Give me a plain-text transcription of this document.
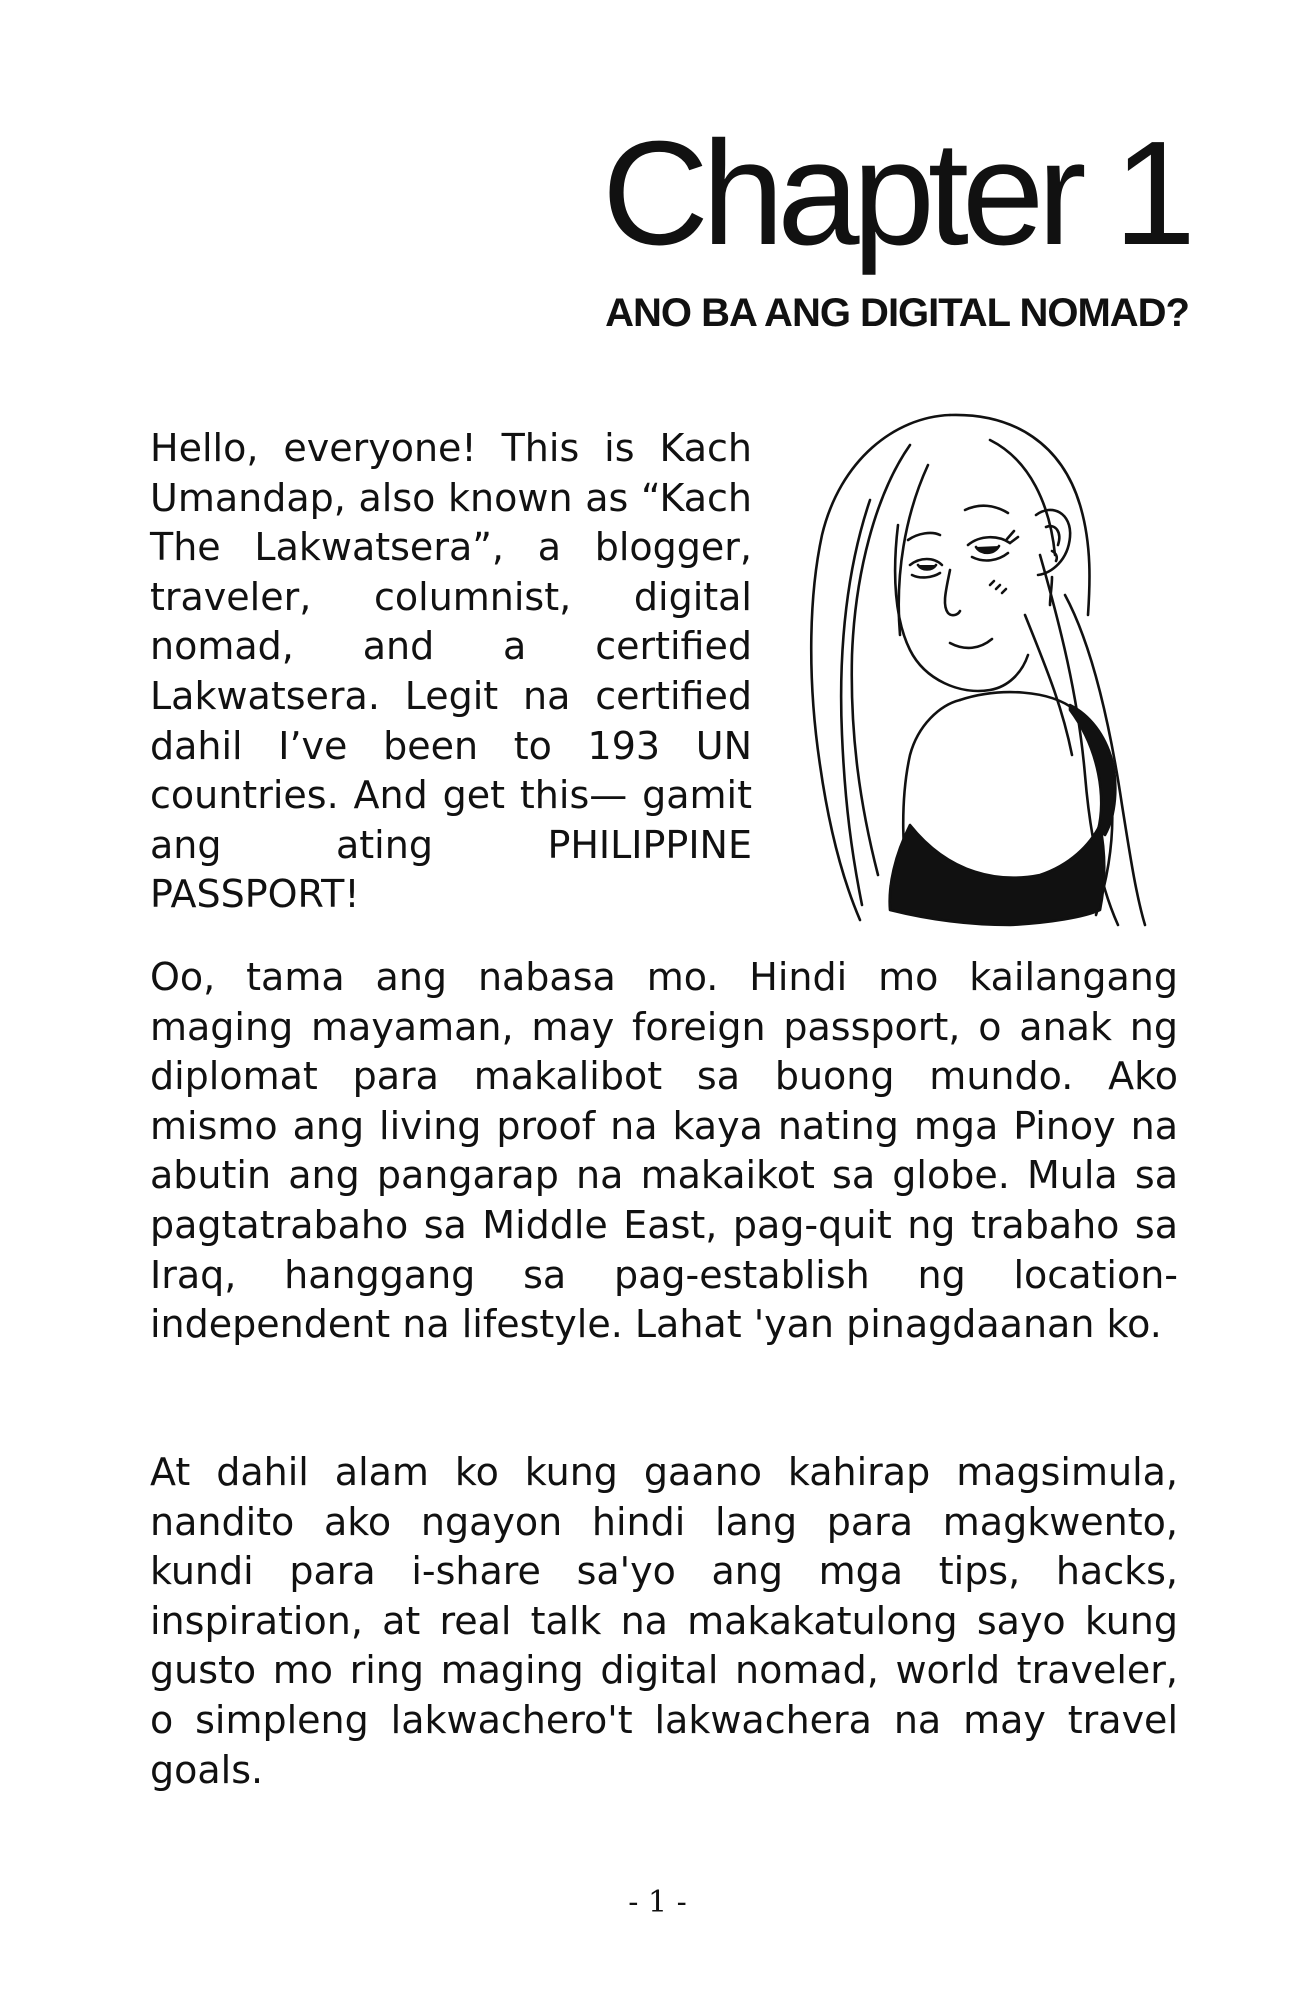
Chapter 1
ANO BA ANG DIGITAL NOMAD?

Hello, everyone! This is Kach Umandap, also known as “Kach The Lakwatsera”, a blogger, traveler, columnist, digital nomad, and a certified Lakwatsera. Legit na certified dahil I’ve been to 193 UN countries. And get this— gamit ang ating PHILIPPINE PASSPORT!

Oo, tama ang nabasa mo. Hindi mo kailangang maging mayaman, may foreign passport, o anak ng diplomat para makalibot sa buong mundo. Ako mismo ang living proof na kaya nating mga Pinoy na abutin ang pangarap na makaikot sa globe. Mula sa pagtatrabaho sa Middle East, pag-quit ng trabaho sa Iraq, hanggang sa pag-establish ng location-independent na lifestyle. Lahat 'yan pinagdaanan ko.

At dahil alam ko kung gaano kahirap magsimula, nandito ako ngayon hindi lang para magkwento, kundi para i-share sa'yo ang mga tips, hacks, inspiration, at real talk na makakatulong sayo kung gusto mo ring maging digital nomad, world traveler, o simpleng lakwachero't lakwachera na may travel goals.

- 1 -
